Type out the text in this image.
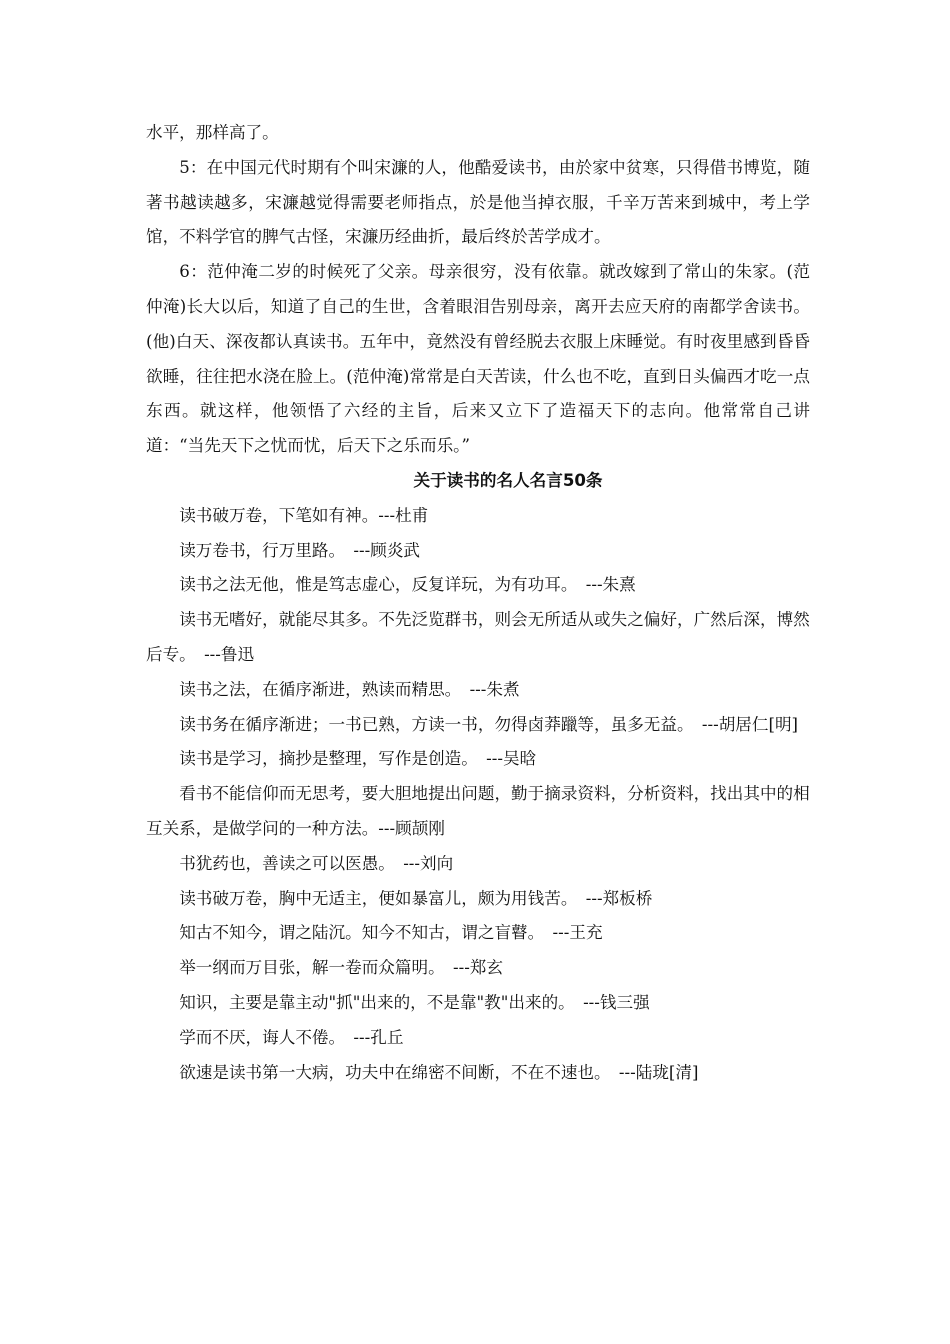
水平，那样高了。

5：在中国元代时期有个叫宋濂的人，他酷爱读书，由於家中贫寒，只得借书博览，随著书越读越多，宋濂越觉得需要老师指点，於是他当掉衣服，千辛万苦来到城中，考上学馆，不料学官的脾气古怪，宋濂历经曲折，最后终於苦学成才。

6：范仲淹二岁的时候死了父亲。母亲很穷，没有依靠。就改嫁到了常山的朱家。(范仲淹)长大以后，知道了自己的生世，含着眼泪告别母亲，离开去应天府的南都学舍读书。(他)白天、深夜都认真读书。五年中，竟然没有曾经脱去衣服上床睡觉。有时夜里感到昏昏欲睡，往往把水浇在脸上。(范仲淹)常常是白天苦读，什么也不吃，直到日头偏西才吃一点东西。就这样，他领悟了六经的主旨，后来又立下了造福天下的志向。他常常自己讲道：“当先天下之忧而忧，后天下之乐而乐。”

关于读书的名人名言50条

读书破万卷，下笔如有神。---杜甫

读万卷书，行万里路。　---顾炎武

读书之法无他，惟是笃志虚心，反复详玩，为有功耳。　---朱熹

读书无嗜好，就能尽其多。不先泛览群书，则会无所适从或失之偏好，广然后深，博然后专。　---鲁迅

读书之法，在循序渐进，熟读而精思。　---朱煮

读书务在循序渐进；一书已熟，方读一书，勿得卤莽躐等，虽多无益。　---胡居仁[明]

读书是学习，摘抄是整理，写作是创造。　---吴晗

看书不能信仰而无思考，要大胆地提出问题，勤于摘录资料，分析资料，找出其中的相互关系，是做学问的一种方法。---顾颉刚

书犹药也，善读之可以医愚。　---刘向

读书破万卷，胸中无适主，便如暴富儿，颇为用钱苦。　---郑板桥

知古不知今，谓之陆沉。知今不知古，谓之盲瞽。　---王充

举一纲而万目张，解一卷而众篇明。　---郑玄

知识，主要是靠主动"抓"出来的，不是靠"教"出来的。　---钱三强

学而不厌，诲人不倦。　---孔丘

欲速是读书第一大病，功夫中在绵密不间断，不在不速也。　---陆珑[清]
